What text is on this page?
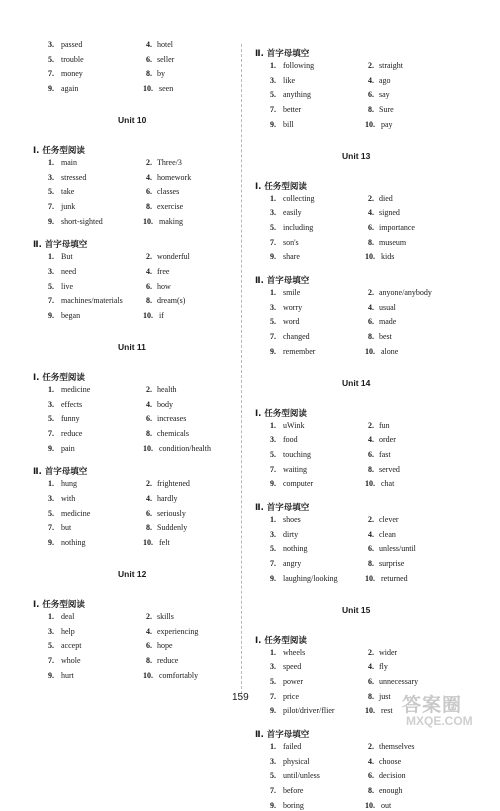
3. passed	4. hotel
5. trouble	6. seller
7. money	8. by
9. again	10. seen
Unit 10
Ⅰ. 任务型阅读
1. main	2. Three/3
3. stressed	4. homework
5. take	6. classes
7. junk	8. exercise
9. short-sighted	10. making
Ⅱ. 首字母填空
1. But	2. wonderful
3. need	4. free
5. live	6. how
7. machines/materials	8. dream(s)
9. began	10. if
Unit 11
Ⅰ. 任务型阅读
1. medicine	2. health
3. effects	4. body
5. funny	6. increases
7. reduce	8. chemicals
9. pain	10. condition/health
Ⅱ. 首字母填空
1. hung	2. frightened
3. with	4. hardly
5. medicine	6. seriously
7. but	8. Suddenly
9. nothing	10. felt
Unit 12
Ⅰ. 任务型阅读
1. deal	2. skills
3. help	4. experiencing
5. accept	6. hope
7. whole	8. reduce
9. hurt	10. comfortably
Ⅱ. 首字母填空
1. following	2. straight
3. like	4. ago
5. anything	6. say
7. better	8. Sure
9. bill	10. pay
Unit 13
Ⅰ. 任务型阅读
1. collecting	2. died
3. easily	4. signed
5. including	6. importance
7. son's	8. museum
9. share	10. kids
Ⅱ. 首字母填空
1. smile	2. anyone/anybody
3. worry	4. usual
5. word	6. made
7. changed	8. best
9. remember	10. alone
Unit 14
Ⅰ. 任务型阅读
1. uWink	2. fun
3. food	4. order
5. touching	6. fast
7. waiting	8. served
9. computer	10. chat
Ⅱ. 首字母填空
1. shoes	2. clever
3. dirty	4. clean
5. nothing	6. unless/until
7. angry	8. surprise
9. laughing/looking	10. returned
Unit 15
Ⅰ. 任务型阅读
1. wheels	2. wider
3. speed	4. fly
5. power	6. unnecessary
7. price	8. just
9. pilot/driver/flier	10. rest
Ⅱ. 首字母填空
1. failed	2. themselves
3. physical	4. choose
5. until/unless	6. decision
7. before	8. enough
9. boring	10. out
159	答案圈
MXQE.COM
